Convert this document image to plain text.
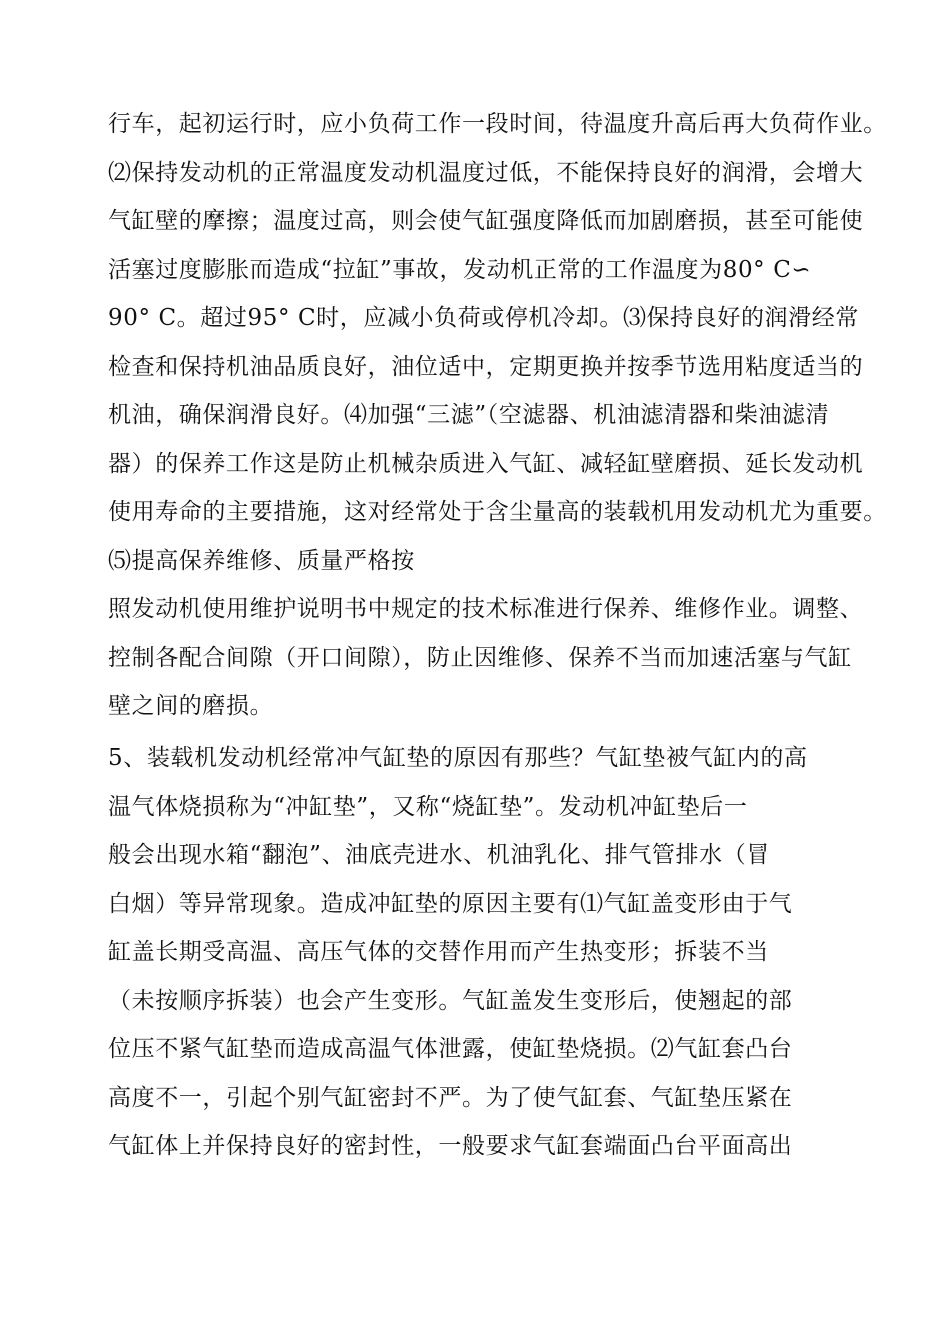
行车，起初运行时，应小负荷工作一段时间，待温度升高后再大负荷作业。
⑵保持发动机的正常温度发动机温度过低，不能保持良好的润滑，会增大
气缸壁的摩擦；温度过高，则会使气缸强度降低而加剧磨损，甚至可能使
活塞过度膨胀而造成“拉缸”事故，发动机正常的工作温度为80° C∽
90° C。超过95° C时，应减小负荷或停机冷却。⑶保持良好的润滑经常
检查和保持机油品质良好，油位适中，定期更换并按季节选用粘度适当的
机油，确保润滑良好。⑷加强“三滤”（空滤器、机油滤清器和柴油滤清
器）的保养工作这是防止机械杂质进入气缸、减轻缸壁磨损、延长发动机
使用寿命的主要措施，这对经常处于含尘量高的装载机用发动机尤为重要。
⑸提高保养维修、质量严格按
照发动机使用维护说明书中规定的技术标准进行保养、维修作业。调整、
控制各配合间隙（开口间隙），防止因维修、保养不当而加速活塞与气缸
壁之间的磨损。
5、装载机发动机经常冲气缸垫的原因有那些？气缸垫被气缸内的高
温气体烧损称为“冲缸垫”，又称“烧缸垫”。发动机冲缸垫后一
般会出现水箱“翻泡”、油底壳进水、机油乳化、排气管排水（冒
白烟）等异常现象。造成冲缸垫的原因主要有⑴气缸盖变形由于气
缸盖长期受高温、高压气体的交替作用而产生热变形；拆装不当
（未按顺序拆装）也会产生变形。气缸盖发生变形后，使翘起的部
位压不紧气缸垫而造成高温气体泄露，使缸垫烧损。⑵气缸套凸台
高度不一，引起个别气缸密封不严。为了使气缸套、气缸垫压紧在
气缸体上并保持良好的密封性，一般要求气缸套端面凸台平面高出
